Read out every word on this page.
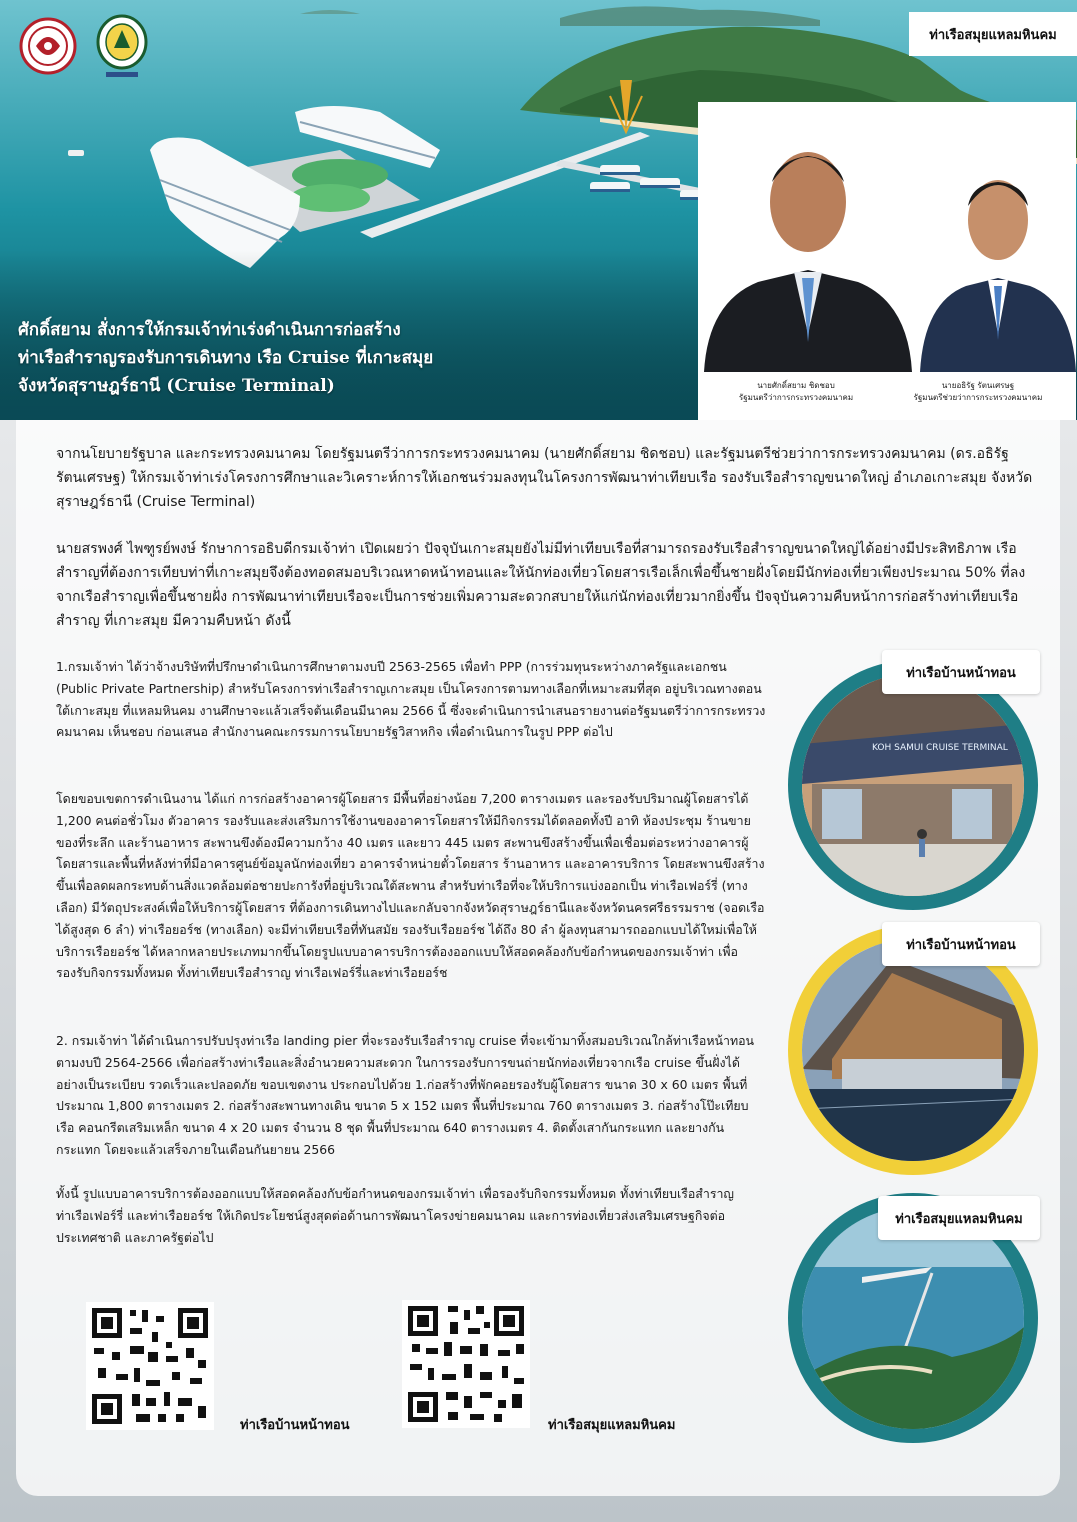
ท่าเรือสมุยแหลมหินคม
ศักดิ์สยาม สั่งการให้กรมเจ้าท่าเร่งดำเนินการก่อสร้าง
ท่าเรือสำราญรองรับการเดินทาง เรือ Cruise ที่เกาะสมุย
จังหวัดสุราษฎร์ธานี (Cruise Terminal)	นายศักดิ์สยาม ชิดชอบ
รัฐมนตรีว่าการกระทรวงคมนาคม
นายอธิรัฐ รัตนเศรษฐ
รัฐมนตรีช่วยว่าการกระทรวงคมนาคม
จากนโยบายรัฐบาล และกระทรวงคมนาคม โดยรัฐมนตรีว่าการกระทรวงคมนาคม (นายศักดิ์สยาม ชิดชอบ) และรัฐมนตรีช่วยว่าการกระทรวงคมนาคม (ดร.อธิรัฐ รัตนเศรษฐ) ให้กรมเจ้าท่าเร่งโครงการศึกษาและวิเคราะห์การให้เอกชนร่วมลงทุนในโครงการพัฒนาท่าเทียบเรือ รองรับเรือสำราญขนาดใหญ่ อำเภอเกาะสมุย จังหวัดสุราษฎร์ธานี (Cruise Terminal)
นายสรพงศ์ ไพฑูรย์พงษ์ รักษาการอธิบดีกรมเจ้าท่า เปิดเผยว่า ปัจจุบันเกาะสมุยยังไม่มีท่าเทียบเรือที่สามารถรองรับเรือสำราญขนาดใหญ่ได้อย่างมีประสิทธิภาพ เรือสำราญที่ต้องการเทียบท่าที่เกาะสมุยจึงต้องทอดสมอบริเวณหาดหน้าทอนและให้นักท่องเที่ยวโดยสารเรือเล็กเพื่อขึ้นชายฝั่งโดยมีนักท่องเที่ยวเพียงประมาณ 50% ที่ลงจากเรือสำราญเพื่อขึ้นชายฝั่ง การพัฒนาท่าเทียบเรือจะเป็นการช่วยเพิ่มความสะดวกสบายให้แก่นักท่องเที่ยวมากยิ่งขึ้น ปัจจุบันความคืบหน้าการก่อสร้างท่าเทียบเรือสำราญ ที่เกาะสมุย มีความคืบหน้า ดังนี้
1.กรมเจ้าท่า ได้ว่าจ้างบริษัทที่ปรึกษาดำเนินการศึกษาตามงบปี 2563-2565 เพื่อทำ PPP (การร่วมทุนระหว่างภาครัฐและเอกชน (Public Private Partnership) สำหรับโครงการท่าเรือสำราญเกาะสมุย เป็นโครงการตามทางเลือกที่เหมาะสมที่สุด อยู่บริเวณทางตอนใต้เกาะสมุย ที่แหลมหินคม งานศึกษาจะแล้วเสร็จต้นเดือนมีนาคม 2566 นี้ ซึ่งจะดำเนินการนำเสนอรายงานต่อรัฐมนตรีว่าการกระทรวงคมนาคม เห็นชอบ ก่อนเสนอ สำนักงานคณะกรรมการนโยบายรัฐวิสาหกิจ เพื่อดำเนินการในรูป PPP ต่อไป
โดยขอบเขตการดำเนินงาน ได้แก่ การก่อสร้างอาคารผู้โดยสาร มีพื้นที่อย่างน้อย 7,200 ตารางเมตร และรองรับปริมาณผู้โดยสารได้ 1,200 คนต่อชั่วโมง ตัวอาคาร รองรับและส่งเสริมการใช้งานของอาคารโดยสารให้มีกิจกรรมได้ตลอดทั้งปี อาทิ ห้องประชุม ร้านขายของที่ระลึก และร้านอาหาร สะพานขึงต้องมีความกว้าง 40 เมตร และยาว 445 เมตร สะพานขึงสร้างขึ้นเพื่อเชื่อมต่อระหว่างอาคารผู้โดยสารและพื้นที่หลังท่าที่มีอาคารศูนย์ข้อมูลนักท่องเที่ยว อาคารจำหน่ายตั๋วโดยสาร ร้านอาหาร และอาคารบริการ โดยสะพานขึงสร้างขึ้นเพื่อลดผลกระทบด้านสิ่งแวดล้อมต่อชายปะการังที่อยู่บริเวณใต้สะพาน สำหรับท่าเรือที่จะให้บริการแบ่งออกเป็น ท่าเรือเฟอร์รี่ (ทางเลือก) มีวัตถุประสงค์เพื่อให้บริการผู้โดยสาร ที่ต้องการเดินทางไปและกลับจากจังหวัดสุราษฎร์ธานีและจังหวัดนครศรีธรรมราช (จอดเรือได้สูงสุด 6 ลำ) ท่าเรือยอร์ช (ทางเลือก) จะมีท่าเทียบเรือที่ทันสมัย รองรับเรือยอร์ช ได้ถึง 80 ลำ ผู้ลงทุนสามารถออกแบบได้ใหม่เพื่อให้บริการเรือยอร์ช ได้หลากหลายประเภทมากขึ้นโดยรูปแบบอาคารบริการต้องออกแบบให้สอดคล้องกับข้อกำหนดของกรมเจ้าท่า เพื่อรองรับกิจกรรมทั้งหมด ทั้งท่าเทียบเรือสำราญ ท่าเรือเฟอร์รี่และท่าเรือยอร์ช
2. กรมเจ้าท่า ได้ดำเนินการปรับปรุงท่าเรือ landing pier ที่จะรองรับเรือสำราญ cruise ที่จะเข้ามาทิ้งสมอบริเวณใกล้ท่าเรือหน้าทอน ตามงบปี 2564-2566 เพื่อก่อสร้างท่าเรือและสิ่งอำนวยความสะดวก ในการรองรับการขนถ่ายนักท่องเที่ยวจากเรือ cruise ขึ้นฝั่งได้อย่างเป็นระเบียบ รวดเร็วและปลอดภัย ขอบเขตงาน ประกอบไปด้วย 1.ก่อสร้างที่พักคอยรองรับผู้โดยสาร ขนาด 30 x 60 เมตร พื้นที่ประมาณ 1,800 ตารางเมตร 2. ก่อสร้างสะพานทางเดิน ขนาด 5 x 152 เมตร พื้นที่ประมาณ 760 ตารางเมตร 3. ก่อสร้างโป๊ะเทียบเรือ คอนกรีตเสริมเหล็ก ขนาด 4 x 20 เมตร จำนวน 8 ชุด พื้นที่ประมาณ 640 ตารางเมตร 4. ติดตั้งเสากันกระแทก และยางกันกระแทก โดยจะแล้วเสร็จภายในเดือนกันยายน 2566
ทั้งนี้ รูปแบบอาคารบริการต้องออกแบบให้สอดคล้องกับข้อกำหนดของกรมเจ้าท่า เพื่อรองรับกิจกรรมทั้งหมด ทั้งท่าเทียบเรือสำราญ ท่าเรือเฟอร์รี่ และท่าเรือยอร์ช ให้เกิดประโยชน์สูงสุดต่อด้านการพัฒนาโครงข่ายคมนาคม และการท่องเที่ยวส่งเสริมเศรษฐกิจต่อประเทศชาติ และภาครัฐต่อไป
KOH SAMUI CRUISE TERMINAL
ท่าเรือบ้านหน้าทอน
ท่าเรือบ้านหน้าทอน
ท่าเรือสมุยแหลมหินคม
ท่าเรือบ้านหน้าทอน	ท่าเรือสมุยแหลมหินคม
